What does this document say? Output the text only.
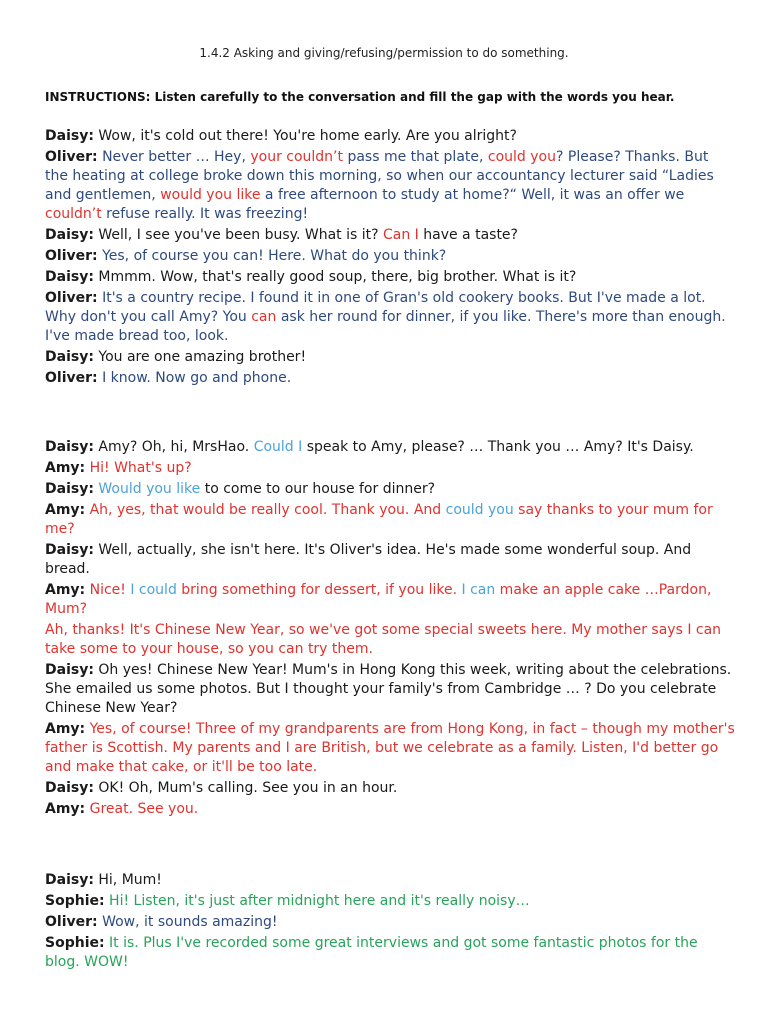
1.4.2 Asking and giving/refusing/permission to do something.
INSTRUCTIONS: Listen carefully to the conversation and fill the gap with the words you hear.
Daisy: Wow, it's cold out there! You're home early. Are you alright?
Oliver: Never better … Hey, your couldn’t pass me that plate, could you? Please? Thanks. But the heating at college broke down this morning, so when our accountancy lecturer said “Ladies and gentlemen, would you like a free afternoon to study at home?“ Well, it was an offer we couldn’t refuse really. It was freezing!
Daisy: Well, I see you've been busy. What is it? Can I have a taste?
Oliver: Yes, of course you can! Here. What do you think?
Daisy: Mmmm. Wow, that's really good soup, there, big brother. What is it?
Oliver: It's a country recipe. I found it in one of Gran's old cookery books. But I've made a lot. Why don't you call Amy? You can ask her round for dinner, if you like. There's more than enough. I've made bread too, look.
Daisy: You are one amazing brother!
Oliver: I know. Now go and phone.
Daisy: Amy? Oh, hi, MrsHao. Could I speak to Amy, please? … Thank you … Amy? It's Daisy.
Amy: Hi! What's up?
Daisy: Would you like to come to our house for dinner?
Amy: Ah, yes, that would be really cool. Thank you. And could you say thanks to your mum for me?
Daisy: Well, actually, she isn't here. It's Oliver's idea. He's made some wonderful soup. And bread.
Amy: Nice! I could bring something for dessert, if you like. I can make an apple cake …Pardon, Mum?
Ah, thanks! It's Chinese New Year, so we've got some special sweets here. My mother says I can take some to your house, so you can try them.
Daisy: Oh yes! Chinese New Year! Mum's in Hong Kong this week, writing about the celebrations. She emailed us some photos. But I thought your family's from Cambridge … ? Do you celebrate Chinese New Year?
Amy: Yes, of course! Three of my grandparents are from Hong Kong, in fact – though my mother's father is Scottish. My parents and I are British, but we celebrate as a family. Listen, I'd better go and make that cake, or it'll be too late.
Daisy: OK! Oh, Mum's calling. See you in an hour.
Amy: Great. See you.
Daisy: Hi, Mum!
Sophie: Hi! Listen, it's just after midnight here and it's really noisy…
Oliver: Wow, it sounds amazing!
Sophie: It is. Plus I've recorded some great interviews and got some fantastic photos for the blog. WOW!
